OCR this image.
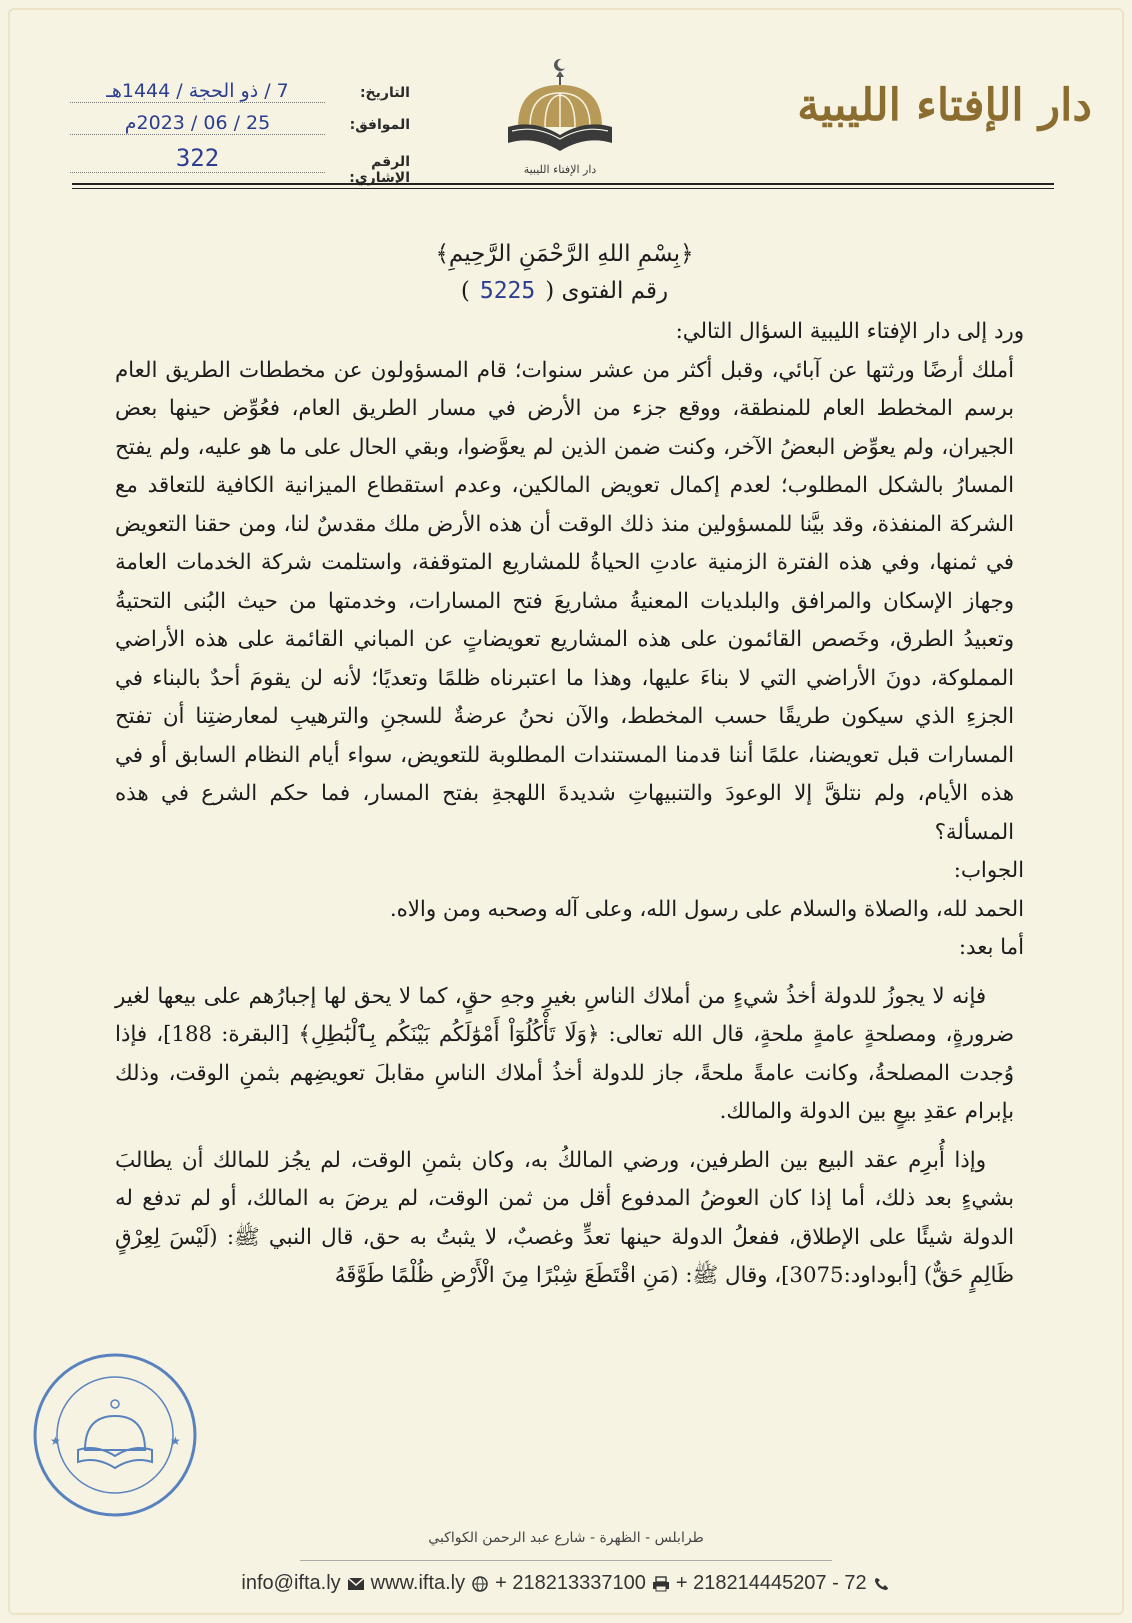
دار الإفتاء الليبية
دار الإفتاء الليبية
التاريخ:
7 / ذو الحجة / 1444هـ
الموافق:
25 / 06 / 2023م
الرقم الإشاري:
322
﴿بِسْمِ اللهِ الرَّحْمَنِ الرَّحِيمِ﴾
رقم الفتوى (5225)

ورد إلى دار الإفتاء الليبية السؤال التالي:

أملك أرضًا ورثتها عن آبائي، وقبل أكثر من عشر سنوات؛ قام المسؤولون عن مخططات الطريق العام برسم المخطط العام للمنطقة، ووقع جزء من الأرض في مسار الطريق العام، فعُوِّض حينها بعض الجيران، ولم يعوِّض البعضُ الآخر، وكنت ضمن الذين لم يعوَّضوا، وبقي الحال على ما هو عليه، ولم يفتح المسارُ بالشكل المطلوب؛ لعدم إكمال تعويض المالكين، وعدم استقطاع الميزانية الكافية للتعاقد مع الشركة المنفذة، وقد بيَّنا للمسؤولين منذ ذلك الوقت أن هذه الأرض ملك مقدسٌ لنا، ومن حقنا التعويض في ثمنها، وفي هذه الفترة الزمنية عادتِ الحياةُ للمشاريع المتوقفة، واستلمت شركة الخدمات العامة وجهاز الإسكان والمرافق والبلديات المعنيةُ مشاريعَ فتح المسارات، وخدمتها من حيث البُنى التحتيةُ وتعبيدُ الطرق، وخَصص القائمون على هذه المشاريع تعويضاتٍ عن المباني القائمة على هذه الأراضي المملوكة، دونَ الأراضي التي لا بناءَ عليها، وهذا ما اعتبرناه ظلمًا وتعديًا؛ لأنه لن يقومَ أحدٌ بالبناء في الجزءِ الذي سيكون طريقًا حسب المخطط، والآن نحنُ عرضةٌ للسجنِ والترهيبِ لمعارضتِنا أن تفتح المسارات قبل تعويضنا، علمًا أننا قدمنا المستندات المطلوبة للتعويض، سواء أيام النظام السابق أو في هذه الأيام، ولم نتلقَّ إلا الوعودَ والتنبيهاتِ شديدةَ اللهجةِ بفتح المسار، فما حكم الشرع في هذه المسألة؟

الجواب:

الحمد لله، والصلاة والسلام على رسول الله، وعلى آله وصحبه ومن والاه.

أما بعد:

فإنه لا يجوزُ للدولة أخذُ شيءٍ من أملاك الناسِ بغيرِ وجهِ حقٍ، كما لا يحق لها إجبارُهم على بيعها لغير ضرورةٍ، ومصلحةٍ عامةٍ ملحةٍ، قال الله تعالى: ﴿وَلَا تَأْكُلُوٓاْ أَمْوَٰلَكُم بَيْنَكُم بِٱلْبَٰطِلِ﴾ [البقرة: 188]، فإذا وُجدت المصلحةُ، وكانت عامةً ملحةً، جاز للدولة أخذُ أملاك الناسِ مقابلَ تعويضِهم بثمنِ الوقت، وذلك بإبرام عقدِ بيعٍ بين الدولة والمالك.

وإذا أُبرِم عقد البيع بين الطرفين، ورضي المالكُ به، وكان بثمنِ الوقت، لم يجُز للمالك أن يطالبَ بشيءٍ بعد ذلك، أما إذا كان العوضُ المدفوع أقل من ثمن الوقت، لم يرضَ به المالك، أو لم تدفع له الدولة شيئًا على الإطلاق، ففعلُ الدولة حينها تعدٍّ وغصبٌ، لا يثبتُ به حق، قال النبي ﷺ: (لَيْسَ لِعِرْقٍ ظَالِمٍ حَقٌّ) [أبوداود:3075]، وقال ﷺ: (مَنِ اقْتَطَعَ شِبْرًا مِنَ الْأَرْضِ ظُلْمًا طَوَّقَهُ

★	★
طرابلس - الظهرة - شارع عبد الرحمن الكواكبي
info@ifta.ly www.ifta.ly + 218213337100 + 218214445207 - 72
